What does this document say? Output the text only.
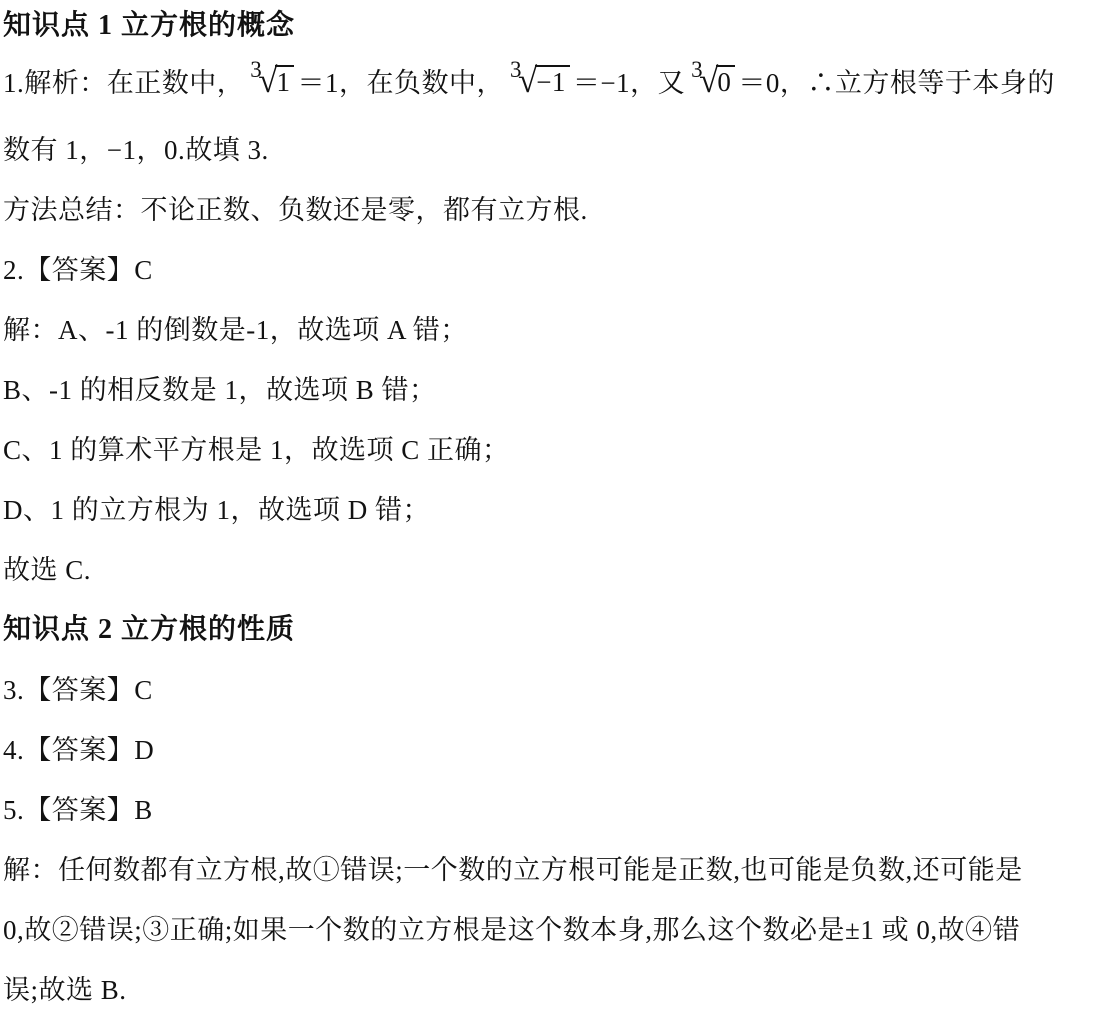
知识点 1 立方根的概念

1.解析：在正数中， 3√1 ＝1，在负数中， 3√−1 ＝−1，又 3√0 ＝0，∴立方根等于本身的

数有 1，−1，0.故填 3.

方法总结：不论正数、负数还是零，都有立方根.

2.【答案】C

解：A、-1 的倒数是-1，故选项 A 错；

B、-1 的相反数是 1，故选项 B 错；

C、1 的算术平方根是 1，故选项 C 正确；

D、1 的立方根为 1，故选项 D 错；

故选 C.

知识点 2 立方根的性质

3.【答案】C

4.【答案】D

5.【答案】B

解：任何数都有立方根,故①错误;一个数的立方根可能是正数,也可能是负数,还可能是

0,故②错误;③正确;如果一个数的立方根是这个数本身,那么这个数必是±1 或 0,故④错

误;故选 B.
